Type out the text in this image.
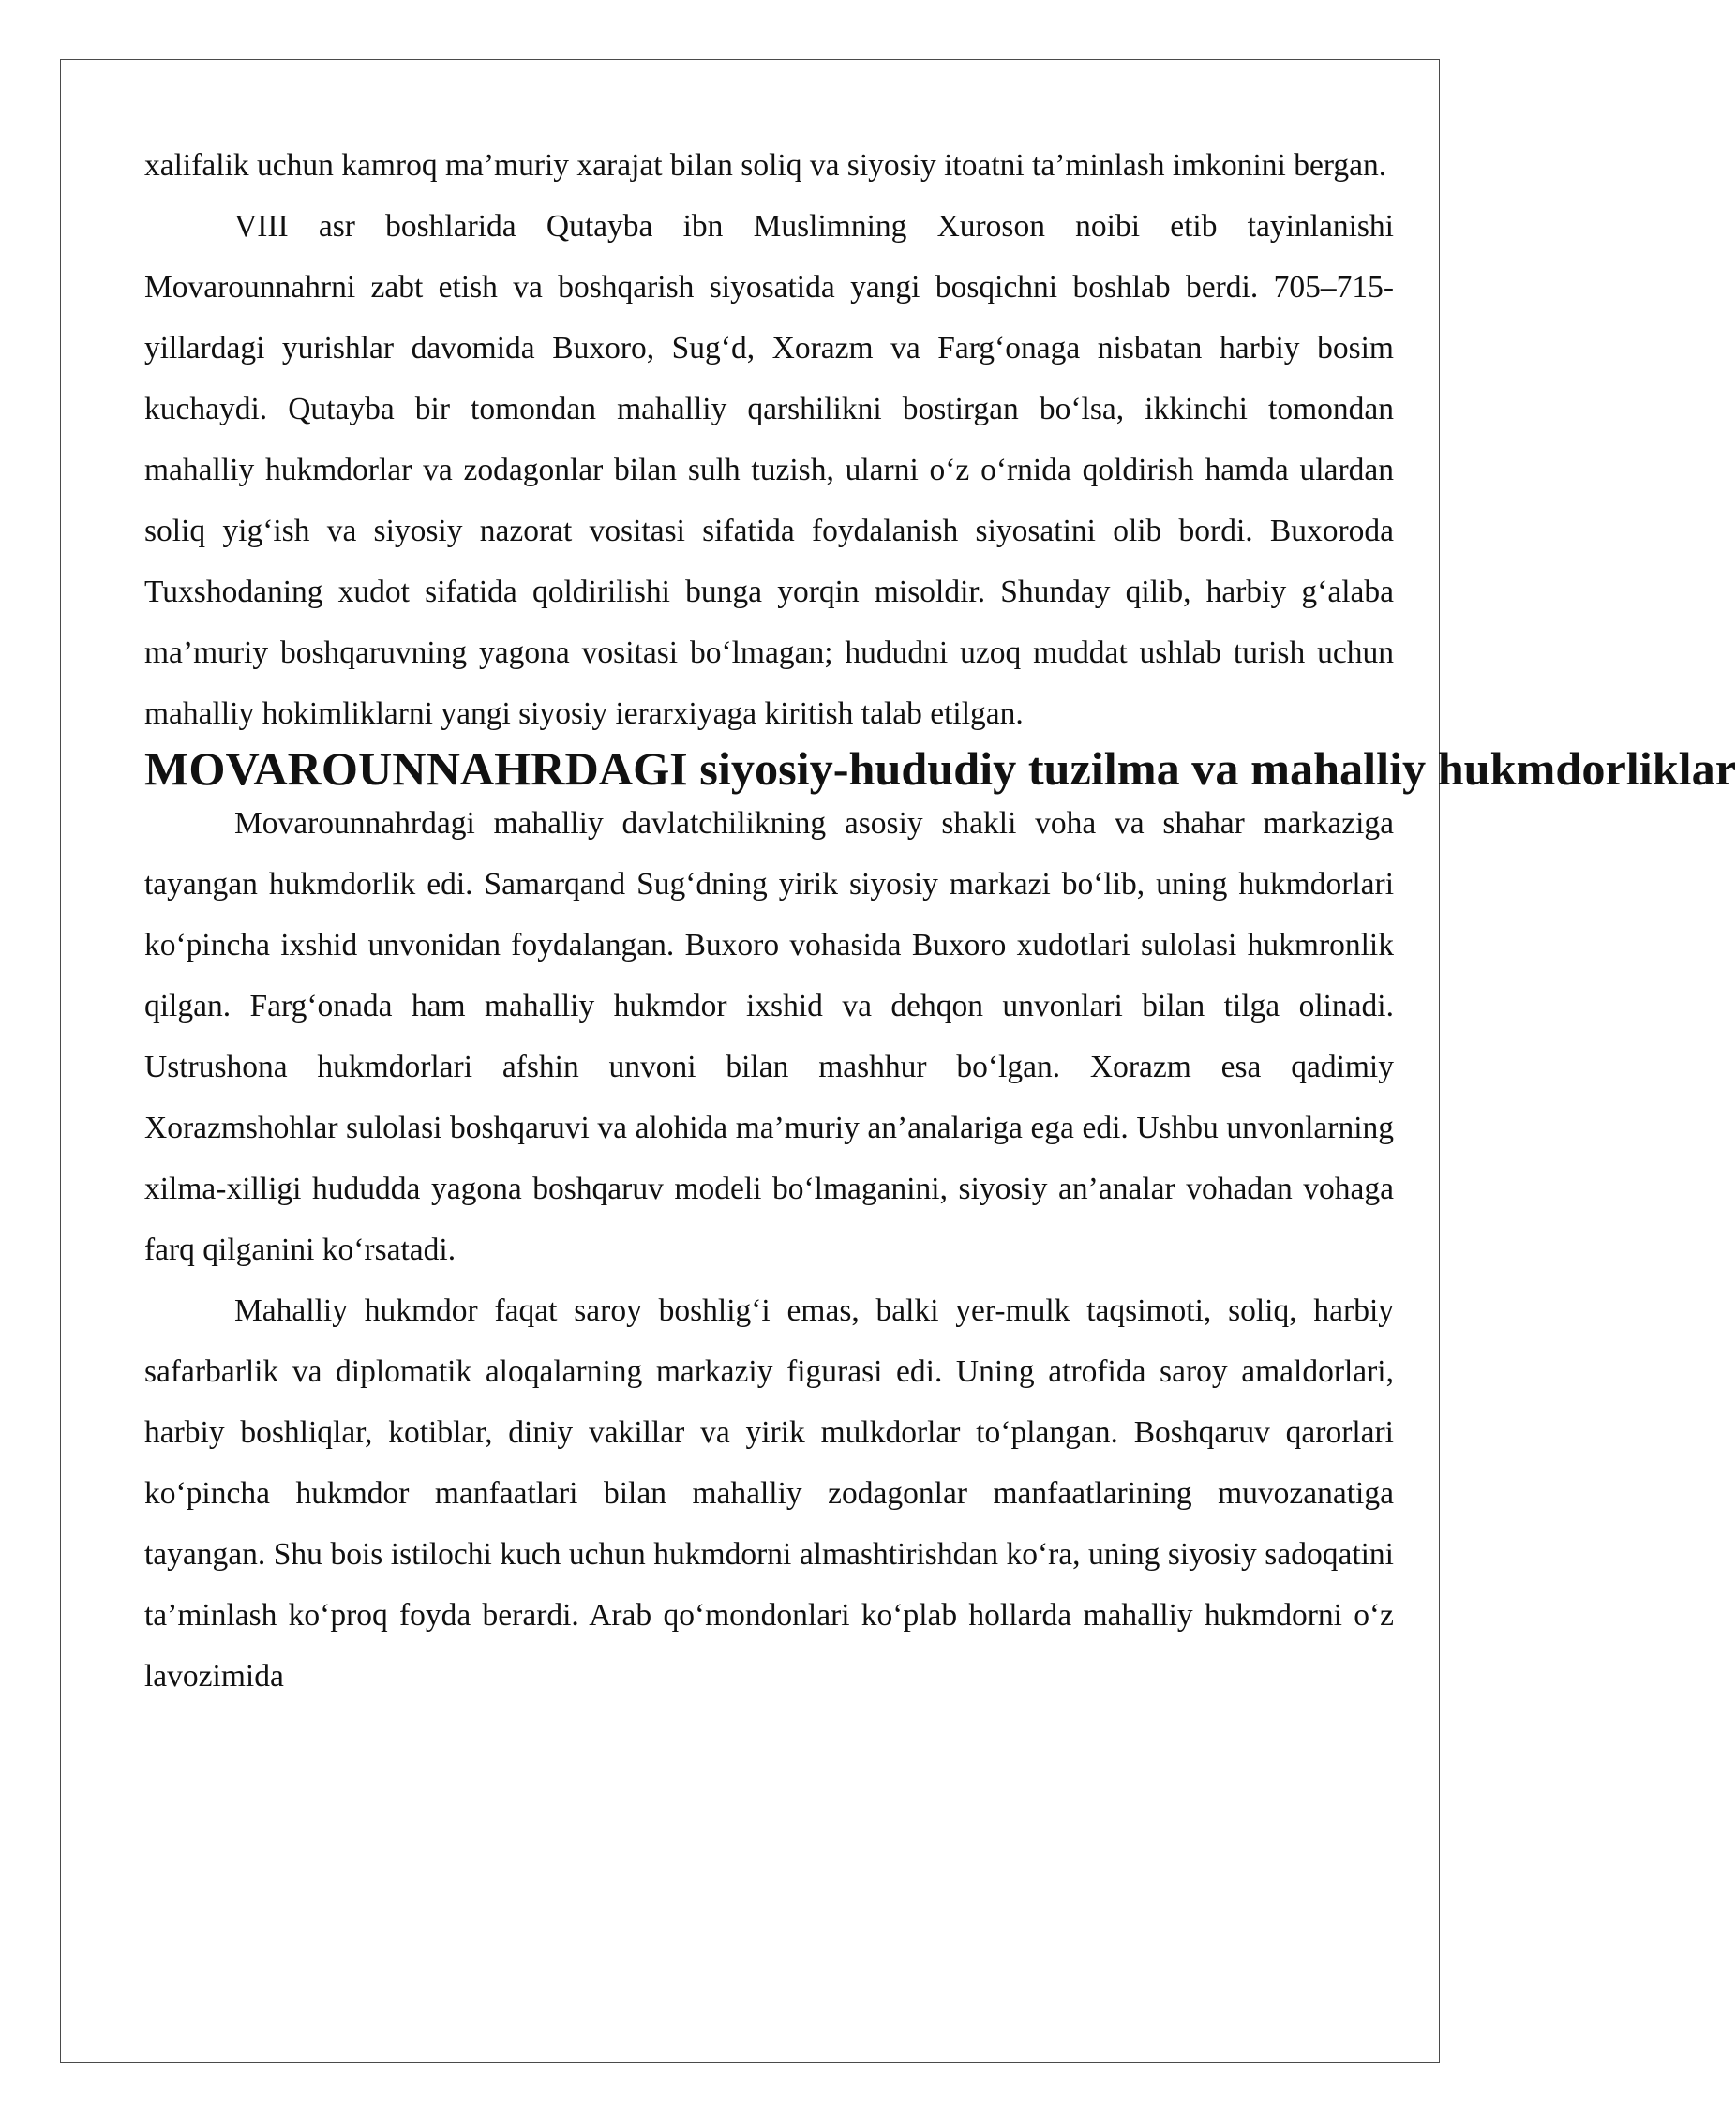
xalifalik uchun kamroq ma’muriy xarajat bilan soliq va siyosiy itoatni ta’minlash imkonini bergan.

VIII asr boshlarida Qutayba ibn Muslimning Xuroson noibi etib tayinlanishi Movarounnahrni zabt etish va boshqarish siyosatida yangi bosqichni boshlab berdi. 705–715-yillardagi yurishlar davomida Buxoro, Sug‘d, Xorazm va Farg‘onaga nisbatan harbiy bosim kuchaydi. Qutayba bir tomondan mahalliy qarshilikni bostirgan bo‘lsa, ikkinchi tomondan mahalliy hukmdorlar va zodagonlar bilan sulh tuzish, ularni o‘z o‘rnida qoldirish hamda ulardan soliq yig‘ish va siyosiy nazorat vositasi sifatida foydalanish siyosatini olib bordi. Buxoroda Tuxshodaning xudot sifatida qoldirilishi bunga yorqin misoldir. Shunday qilib, harbiy g‘alaba ma’muriy boshqaruvning yagona vositasi bo‘lmagan; hududni uzoq muddat ushlab turish uchun mahalliy hokimliklarni yangi siyosiy ierarxiyaga kiritish talab etilgan.

MOVAROUNNAHRDAGI siyosiy-hududiy tuzilma va mahalliy hukmdorliklar

Movarounnahrdagi mahalliy davlatchilikning asosiy shakli voha va shahar markaziga tayangan hukmdorlik edi. Samarqand Sug‘dning yirik siyosiy markazi bo‘lib, uning hukmdorlari ko‘pincha ixshid unvonidan foydalangan. Buxoro vohasida Buxoro xudotlari sulolasi hukmronlik qilgan. Farg‘onada ham mahalliy hukmdor ixshid va dehqon unvonlari bilan tilga olinadi. Ustrushona hukmdorlari afshin unvoni bilan mashhur bo‘lgan. Xorazm esa qadimiy Xorazmshohlar sulolasi boshqaruvi va alohida ma’muriy an’analariga ega edi. Ushbu unvonlarning xilma-xilligi hududda yagona boshqaruv modeli bo‘lmaganini, siyosiy an’analar vohadan vohaga farq qilganini ko‘rsatadi.

Mahalliy hukmdor faqat saroy boshlig‘i emas, balki yer-mulk taqsimoti, soliq, harbiy safarbarlik va diplomatik aloqalarning markaziy figurasi edi. Uning atrofida saroy amaldorlari, harbiy boshliqlar, kotiblar, diniy vakillar va yirik mulkdorlar to‘plangan. Boshqaruv qarorlari ko‘pincha hukmdor manfaatlari bilan mahalliy zodagonlar manfaatlarining muvozanatiga tayangan. Shu bois istilochi kuch uchun hukmdorni almashtirishdan ko‘ra, uning siyosiy sadoqatini ta’minlash ko‘proq foyda berardi. Arab qo‘mondonlari ko‘plab hollarda mahalliy hukmdorni o‘z lavozimida
